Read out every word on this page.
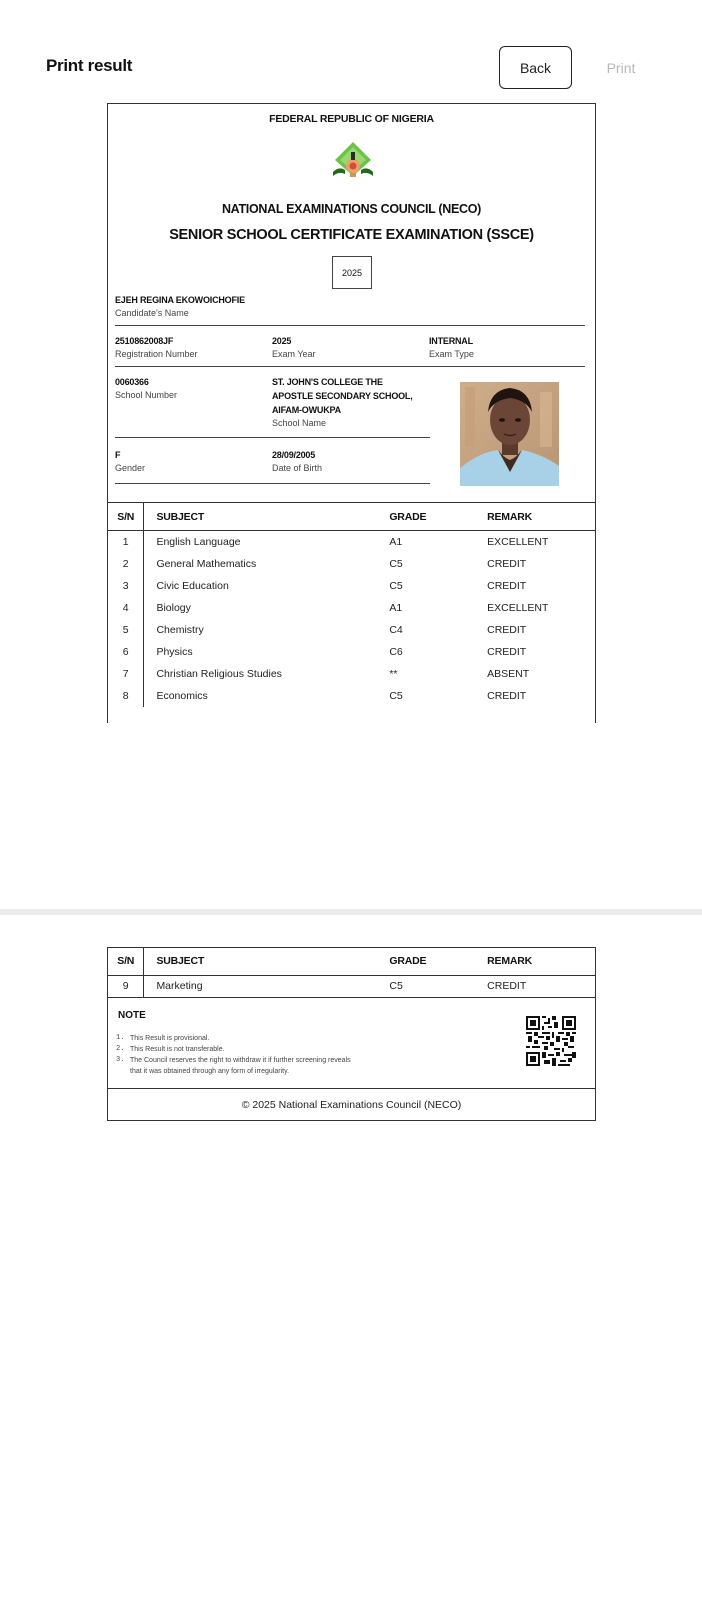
Print result	Back	Print
FEDERAL REPUBLIC OF NIGERIA
NATIONAL EXAMINATIONS COUNCIL (NECO)
SENIOR SCHOOL CERTIFICATE EXAMINATION (SSCE)
2025
EJEH REGINA EKOWOICHOFIE
Candidate's Name
2510862008JF
Registration Number
2025
Exam Year
INTERNAL
Exam Type
0060366
School Number
ST. JOHN'S COLLEGE THE
APOSTLE SECONDARY SCHOOL,
AIFAM-OWUKPA
School Name
F
Gender
28/09/2005
Date of Birth
S/N	SUBJECT	GRADE	REMARK
1	English Language	A1	EXCELLENT
2	General Mathematics	C5	CREDIT
3	Civic Education	C5	CREDIT
4	Biology	A1	EXCELLENT
5	Chemistry	C4	CREDIT
6	Physics	C6	CREDIT
7	Christian Religious Studies	**	ABSENT
8	Economics	C5	CREDIT
S/N	SUBJECT	GRADE	REMARK
9	Marketing	C5	CREDIT
NOTE
1. This Result is provisional.
2. This Result is not transferable.
3. The Council reserves the right to withdraw it if further screening reveals
that it was obtained through any form of irregularity.
© 2025 National Examinations Council (NECO)
